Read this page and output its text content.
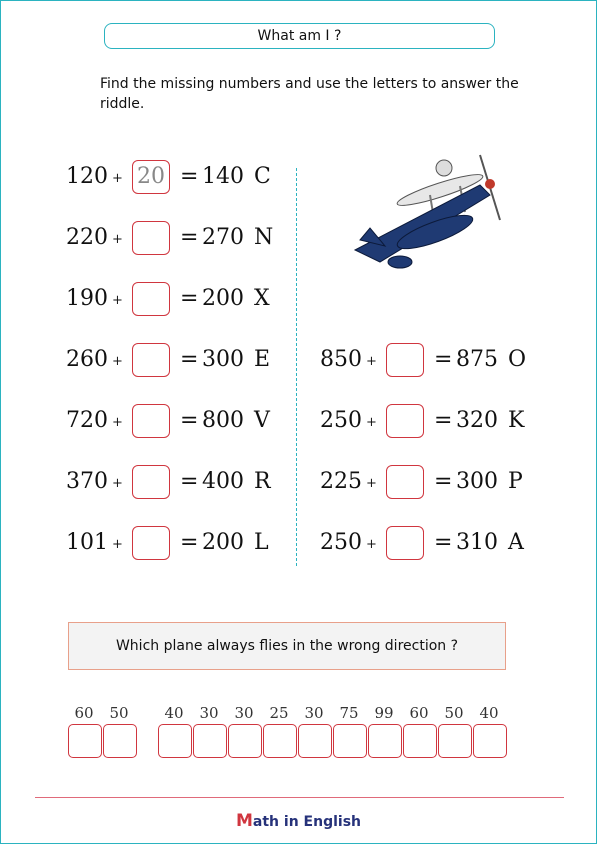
What am I ?
Find the missing numbers and use the letters to answer the riddle.
120 + 20 = 140 C
220 +	= 270 N
190 +	= 200 X
260 +	= 300 E
720 +	= 800 V
370 +	= 400 R
101 +	= 200 L
850 +	= 875 O
250 +	= 320 K
225 +	= 300 P
250 +	= 310 A
Which plane always flies in the wrong direction ?
60	50	40	30	30	25	30	75	99	60	50	40
Math in English
